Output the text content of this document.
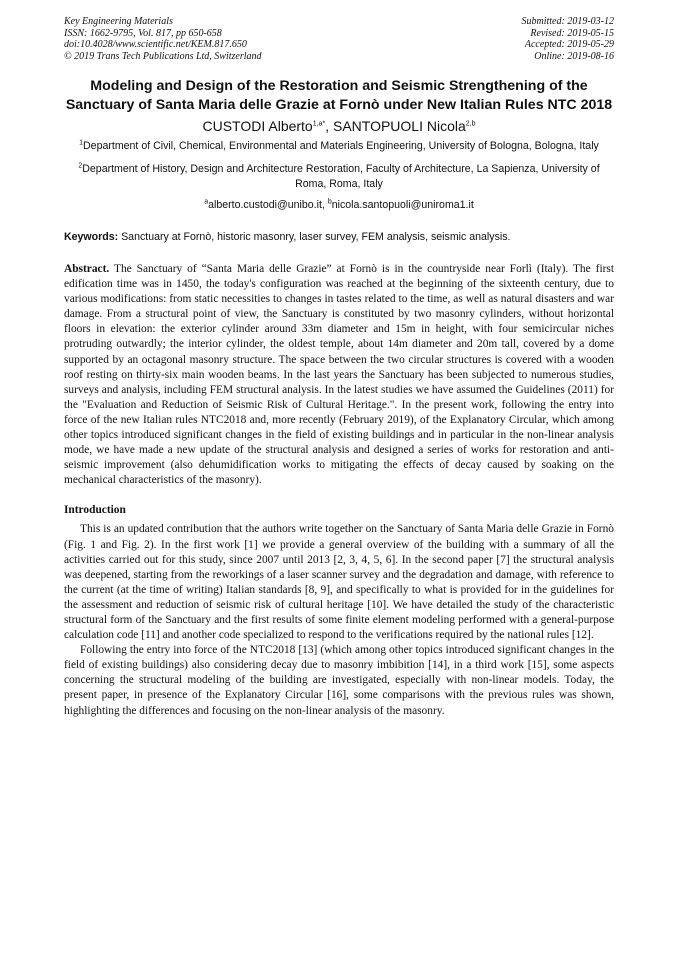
Key Engineering Materials
ISSN: 1662-9795, Vol. 817, pp 650-658
doi:10.4028/www.scientific.net/KEM.817.650
© 2019 Trans Tech Publications Ltd, Switzerland
Submitted: 2019-03-12
Revised: 2019-05-15
Accepted: 2019-05-29
Online: 2019-08-16
Modeling and Design of the Restoration and Seismic Strengthening of the Sanctuary of Santa Maria delle Grazie at Fornò under New Italian Rules NTC 2018
CUSTODI Alberto$^{1,a*}$, SANTOPUOLI Nicola$^{2,b}$
$^1$Department of Civil, Chemical, Environmental and Materials Engineering, University of Bologna, Bologna, Italy
$^2$Department of History, Design and Architecture Restoration, Faculty of Architecture, La Sapienza, University of Roma, Roma, Italy
$^a$alberto.custodi@unibo.it, $^b$nicola.santopuoli@uniroma1.it
Keywords: Sanctuary at Fornò, historic masonry, laser survey, FEM analysis, seismic analysis.
Abstract. The Sanctuary of “Santa Maria delle Grazie” at Fornò is in the countryside near Forlì (Italy). The first edification time was in 1450, the today's configuration was reached at the beginning of the sixteenth century, due to various modifications: from static necessities to changes in tastes related to the time, as well as natural disasters and war damage. From a structural point of view, the Sanctuary is constituted by two masonry cylinders, without horizontal floors in elevation: the exterior cylinder around 33m diameter and 15m in height, with four semicircular niches protruding outwardly; the interior cylinder, the oldest temple, about 14m diameter and 20m tall, covered by a dome supported by an octagonal masonry structure. The space between the two circular structures is covered with a wooden roof resting on thirty-six main wooden beams. In the last years the Sanctuary has been subjected to numerous studies, surveys and analysis, including FEM structural analysis. In the latest studies we have assumed the Guidelines (2011) for the "Evaluation and Reduction of Seismic Risk of Cultural Heritage.". In the present work, following the entry into force of the new Italian rules NTC2018 and, more recently (February 2019), of the Explanatory Circular, which among other topics introduced significant changes in the field of existing buildings and in particular in the non-linear analysis mode, we have made a new update of the structural analysis and designed a series of works for restoration and anti-seismic improvement (also dehumidification works to mitigating the effects of decay caused by soaking on the mechanical characteristics of the masonry).
Introduction
This is an updated contribution that the authors write together on the Sanctuary of Santa Maria delle Grazie in Fornò (Fig. 1 and Fig. 2). In the first work [1] we provide a general overview of the building with a summary of all the activities carried out for this study, since 2007 until 2013 [2, 3, 4, 5, 6]. In the second paper [7] the structural analysis was deepened, starting from the reworkings of a laser scanner survey and the degradation and damage, with reference to the current (at the time of writing) Italian standards [8, 9], and specifically to what is provided for in the guidelines for the assessment and reduction of seismic risk of cultural heritage [10]. We have detailed the study of the characteristic structural form of the Sanctuary and the first results of some finite element modeling performed with a general-purpose calculation code [11] and another code specialized to respond to the verifications required by the national rules [12].
Following the entry into force of the NTC2018 [13] (which among other topics introduced significant changes in the field of existing buildings) also considering decay due to masonry imbibition [14], in a third work [15], some aspects concerning the structural modeling of the building are investigated, especially with non-linear models. Today, the present paper, in presence of the Explanatory Circular [16], some comparisons with the previous rules was shown, highlighting the differences and focusing on the non-linear analysis of the masonry.
